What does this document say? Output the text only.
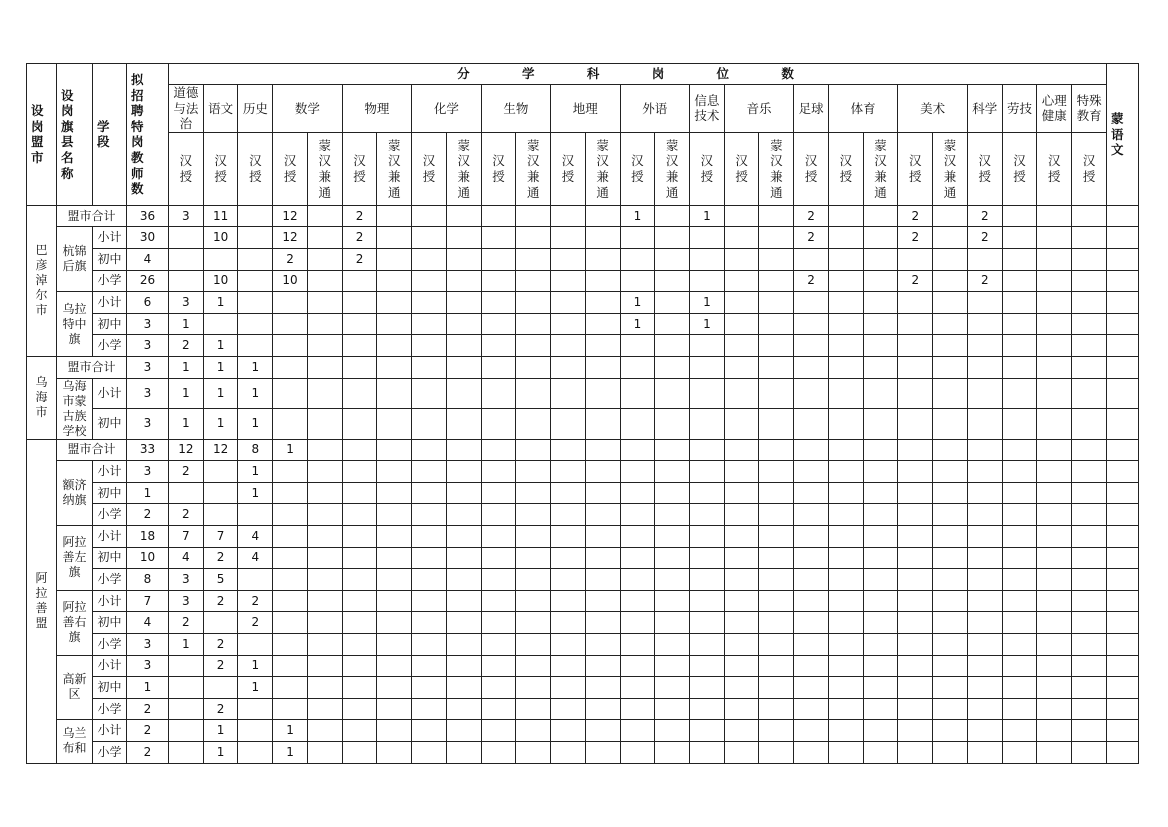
设岗盟市	设岗旗县名称	学段	拟招聘特岗教师数	分 学 科 岗 位 数																											蒙语文
				道德与法治	语文	历史	数学		物理		化学		生物		地理		外语		信息技术	音乐		足球	体育		美术		科学	劳技	心理健康	特殊教育	
				汉授	汉授	汉授	汉授	蒙汉兼通	汉授	蒙汉兼通	汉授	蒙汉兼通	汉授	蒙汉兼通	汉授	蒙汉兼通	汉授	蒙汉兼通	汉授	汉授	蒙汉兼通	汉授	汉授	蒙汉兼通	汉授	蒙汉兼通	汉授	汉授	汉授	汉授	
巴彦淖尔市	盟市合计		36	3	11		12		2								1		1			2			2		2				
	杭锦后旗	小计	30		10		12		2													2			2		2				
		初中	4				2		2																						
		小学	26		10		10															2			2		2				
	乌拉特中旗	小计	6	3	1												1		1												
		初中	3	1													1		1												
		小学	3	2	1																										
乌海市	盟市合计		3	1	1	1																									
	乌海市蒙古族学校	小计	3	1	1	1																									
		初中	3	1	1	1																									
阿拉善盟	盟市合计		33	12	12	8	1																								
	额济纳旗	小计	3	2		1																									
		初中	1			1																									
		小学	2	2																											
	阿拉善左旗	小计	18	7	7	4																									
		初中	10	4	2	4																									
		小学	8	3	5																										
	阿拉善右旗	小计	7	3	2	2																									
		初中	4	2		2																									
		小学	3	1	2																										
	高新区	小计	3		2	1																									
		初中	1			1																									
		小学	2		2																										
	乌兰布和	小计	2		1		1																								
		小学	2		1		1																								
